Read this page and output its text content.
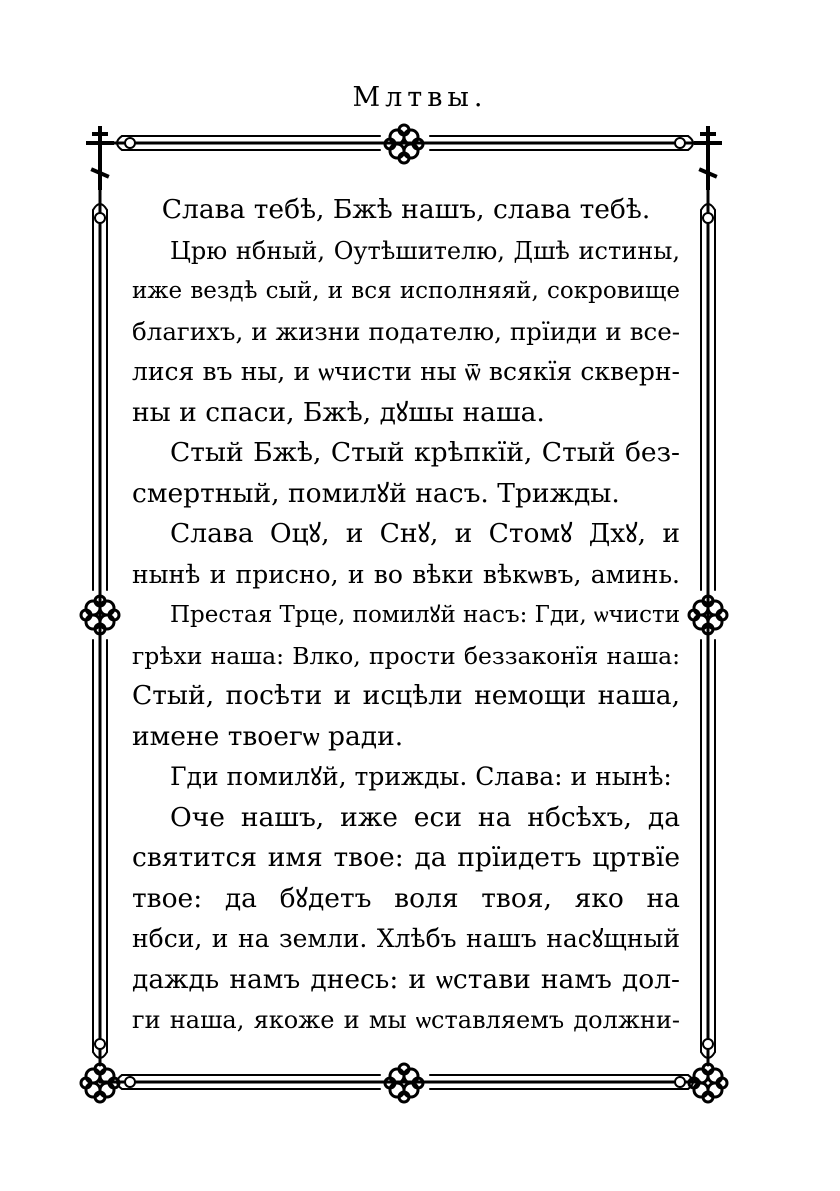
Млтвы.
Слава тебѣ, Бжѣ нашъ, слава тебѣ.
Црю нбный, Оутѣшителю, Дшѣ истины,
иже вездѣ сый, и вся исполняяй, сокровище
благихъ, и жизни подателю, прїиди и все-
лися въ ны, и ѡчисти ны ѿ всякїя скверн-
ны и спаси, Бжѣ, дꙋшы наша.
Стый Бжѣ, Стый крѣпкїй, Стый без-
смертный, помилꙋй насъ. Трижды.
Слава Оцꙋ, и Снꙋ, и Стомꙋ Дхꙋ, и
нынѣ и присно, и во вѣки вѣкѡвъ, аминь.
Престая Трце, помилꙋй насъ: Гди, ѡчисти
грѣхи наша: Влко, прости беззаконїя наша:
Стый, посѣти и исцѣли немощи наша,
имене твоегѡ ради.
Гди помилꙋй, трижды. Слава: и нынѣ:
Оче нашъ, иже еси на нбсѣхъ, да
святится имя твое: да прїидетъ цртвїе
твое: да бꙋдетъ воля твоя, яко на
нбси, и на земли. Хлѣбъ нашъ насꙋщный
даждь намъ днесь: и ѡстави намъ дол-
ги наша, якоже и мы ѡставляемъ должни-
